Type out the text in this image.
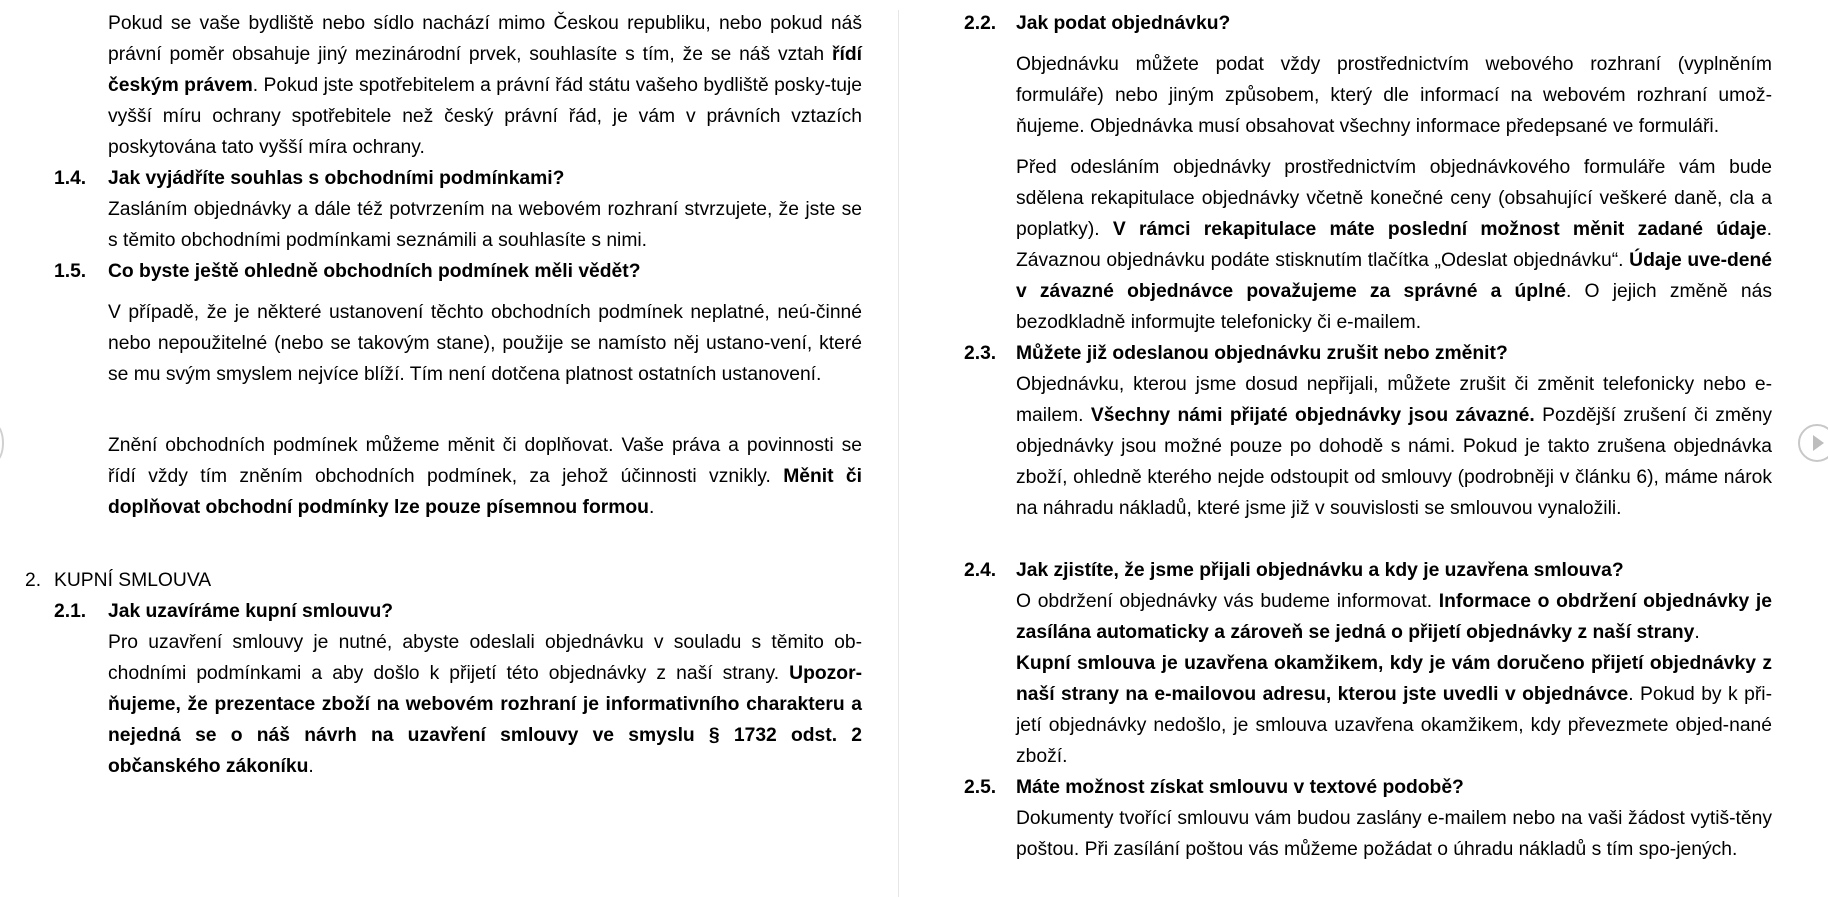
Pokud se vaše bydliště nebo sídlo nachází mimo Českou republiku, nebo pokud náš právní poměr obsahuje jiný mezinárodní prvek, souhlasíte s tím, že se náš vztah řídí českým právem. Pokud jste spotřebitelem a právní řád státu vašeho bydliště posky-tuje vyšší míru ochrany spotřebitele než český právní řád, je vám v právních vztazích poskytována tato vyšší míra ochrany.

1.4. Jak vyjádříte souhlas s obchodními podmínkami?

Zasláním objednávky a dále též potvrzením na webovém rozhraní stvrzujete, že jste se s těmito obchodními podmínkami seznámili a souhlasíte s nimi.

1.5. Co byste ještě ohledně obchodních podmínek měli vědět?

V případě, že je některé ustanovení těchto obchodních podmínek neplatné, neú-činné nebo nepoužitelné (nebo se takovým stane), použije se namísto něj ustano-vení, které se mu svým smyslem nejvíce blíží. Tím není dotčena platnost ostatních ustanovení.

Znění obchodních podmínek můžeme měnit či doplňovat. Vaše práva a povinnosti se řídí vždy tím zněním obchodních podmínek, za jehož účinnosti vznikly. Měnit či doplňovat obchodní podmínky lze pouze písemnou formou.

2. KUPNÍ SMLOUVA
2.1. Jak uzavíráme kupní smlouvu?

Pro uzavření smlouvy je nutné, abyste odeslali objednávku v souladu s těmito ob-chodními podmínkami a aby došlo k přijetí této objednávky z naší strany. Upozor-ňujeme, že prezentace zboží na webovém rozhraní je informativního charakteru a nejedná se o náš návrh na uzavření smlouvy ve smyslu § 1732 odst. 2 občanského zákoníku.

2.2. Jak podat objednávku?

Objednávku můžete podat vždy prostřednictvím webového rozhraní (vyplněním formuláře) nebo jiným způsobem, který dle informací na webovém rozhraní umož-ňujeme. Objednávka musí obsahovat všechny informace předepsané ve formuláři.

Před odesláním objednávky prostřednictvím objednávkového formuláře vám bude sdělena rekapitulace objednávky včetně konečné ceny (obsahující veškeré daně, cla a poplatky). V rámci rekapitulace máte poslední možnost měnit zadané údaje. Závaznou objednávku podáte stisknutím tlačítka „Odeslat objednávku“. Údaje uve-dené v závazné objednávce považujeme za správné a úplné. O jejich změně nás bezodkladně informujte telefonicky či e-mailem.

2.3. Můžete již odeslanou objednávku zrušit nebo změnit?

Objednávku, kterou jsme dosud nepřijali, můžete zrušit či změnit telefonicky nebo e-mailem. Všechny námi přijaté objednávky jsou závazné. Pozdější zrušení či změny objednávky jsou možné pouze po dohodě s námi. Pokud je takto zrušena objednávka zboží, ohledně kterého nejde odstoupit od smlouvy (podrobněji v článku 6), máme nárok na náhradu nákladů, které jsme již v souvislosti se smlouvou vynaložili.

2.4. Jak zjistíte, že jsme přijali objednávku a kdy je uzavřena smlouva?

O obdržení objednávky vás budeme informovat. Informace o obdržení objednávky je zasílána automaticky a zároveň se jedná o přijetí objednávky z naší strany.

Kupní smlouva je uzavřena okamžikem, kdy je vám doručeno přijetí objednávky z naší strany na e-mailovou adresu, kterou jste uvedli v objednávce. Pokud by k při-jetí objednávky nedošlo, je smlouva uzavřena okamžikem, kdy převezmete objed-nané zboží.

2.5. Máte možnost získat smlouvu v textové podobě?

Dokumenty tvořící smlouvu vám budou zaslány e-mailem nebo na vaši žádost vytiš-těny poštou. Při zasílání poštou vás můžeme požádat o úhradu nákladů s tím spo-jených.
